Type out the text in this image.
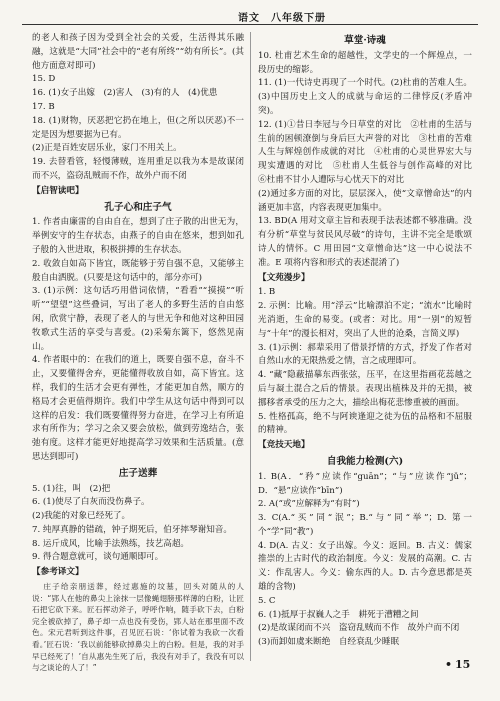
语文　八年级下册

的老人和孩子因为受到全社会的关爱，生活得其乐融融，这就是“大同”社会中的“老有所终”“幼有所长”。(其他方面意对即可)

15. D

16. (1)女子出嫁　(2)害人　(3)有的人　(4)优患

17. B

18. (1)财物，厌恶把它扔在地上，但(之所以厌恶)不一定是因为想要据为已有。

(2)正是百姓安居乐业，家门不用关上。

19. 去替看管，轻慢薄贼，连用重足以我为本是故谋闭而不兴，盗窃乱贼而不作，故外户而不闭

【启智读吧】

孔子心和庄子气

1. 作者由廉雷的自由自在，想到了庄子散的出世无为，举例安守的生存状态，由燕子的自由在悠来，想到如孔子般的入世进取，积极拼搏的生存状态。

2. 收敛自如高下皆宜，既能够于劳自强不息，又能够主般自由洒脱。(只要是这句话中的，部分亦可)

3. (1)示例：这句话巧用借词依情，“看看”“摸摸”“听听”“望望”这些叠词，写出了老人的多野生活的自由悠闲，欣赏宁静，表现了老人的与世无争和他对这种田园牧歌式生活的享受与喜爱。(2)采菊东篱下，悠然见南山。

4. 作者眼中的：在我们的道上，既要自强不息，奋斗不止，又要懂得舍弃，更能懂得收放自如，高下皆宜。这样，我们的生活才会更有弹性，才能更加自然，顺方的格局才会更值得期许。我们中学生从这句话中得到可以这样的启发：我们既要懂得努力奋进，在学习上有所追求有所作为；学习之余又要会放松，做到劳逸结合，张弛有度。这样才能更好地提高学习效果和生活质量。(意思达到即可)

庄子送葬

5. (1)往，叫　(2)把

6. (1)使尽了白灰而没伤鼻子。

(2)我能的对象已经死了。

7. 纯厚真静的错疏，钟子期死后，伯牙摔琴谢知音。

8. 运斤成风，比喻手法熟练，技艺高超。

9. 得合题意就可，谈句通顺即可。

【参考译文】

庄子给亲朋送葬，经过惠施的坟墓，回头对随从的人说：“郢人在他的鼻尖上涂抹一层像蝇翅膀那样薄的白粉，让匠石把它砍下来。匠石挥动斧子，呼呼作响，随手砍下去，白粉完全被砍掉了，鼻子却一点也没有受伤，郢人站在那里面不改色。宋元君听到这件事，召见匠石说：‘你试着为我砍一次看看。’匠石说：‘我以前能够砍掉鼻尖上的白粉。但是，我的对手早已经死了！’自从惠先生死了后，我没有对手了，我没有可以与之谈论的人了！”

草堂·诗魂

10. 杜甫艺术生命的超越性，文学史的一个辉煌点，一段历史的缩影。

11. (1)一代诗史再现了一个时代。(2)杜甫的苦难人生。(3)中国历史上文人的成就与命运的二律悖反(矛盾冲突)。

12. (1)①昔日李冠与今日草堂的对比　②杜甫的生活与生前的困顿潦倒与身后巨大声誉的对比　③杜甫的苦难人生与辉煌创作成就的对比　④杜甫的心灵世界宏大与现实遭遇的对比　⑤杜甫人生低谷与创作高峰的对比　⑥杜甫不甘小人遭际与心忧天下的对比

(2)通过多方面的对比，层层深入，使“文章憎命达”的内涵更加丰富，内容表现更加集中。

13. BD(A 用对文章主旨和表现手法表述都不够准确。没有分析“草堂与贫民风尽破”的诗句，主讲不完全是歌颂诗人的情怀。C 用田园“文章憎命达”这一中心说法不准。E 项将内容和形式的表述混淆了)

【文苑漫步】

1. B

2. 示例：比喻。用“浮云”比喻漂泊不定；“流水”比喻时光消逝，生命的易变。(或者：对比。用“一别”的短暂与“十年”的漫长相对，突出了人世的沧桑，言简义厚)

3. (1)示例：郝辈采用了借景抒情的方式，抒发了作者对自然山水的无限热爱之情，言之成理即可。

4. “藏”隐蔽描摹东西张弦，压平，在这里指画花蕊越之后与凝土混合之后的情景。表现出植株及并的无损，被挪移者承受的压力之大，描绘出梅花悲惨重被的画面。

5. 性格孤高，绝不与阿谀逢迎之徒为伍的品格和不屈服的精神。

【竞技天地】

自我能力检测(六)

1. B(A．“矜”应读作“guān”；“与”应读作“jǔ”；D．“悬”应读作“bīn”)

2. A(“或”应解释为“有时”)

3. C(A.“买”同“泯”；B.“与”同“举”；D. 第一个“学”同“教”)

4. D(A. 古义：女子出嫁。今义：返回。B. 古义：儒家推崇的上古时代的政治制度。今义：发展的高潮。C. 古义：作乱害人。今义：偷东西的人。D. 古今意思都是英雄的含物)

5. C

6. (1)抵厚于叔巍人之手　耕死于漕糟之间

(2)是故谋闭而不兴　盗窃乱贼而不作　故外户而不闭

(3)而卸如虞来断绝　自经衰乱少睡眠

• 15
